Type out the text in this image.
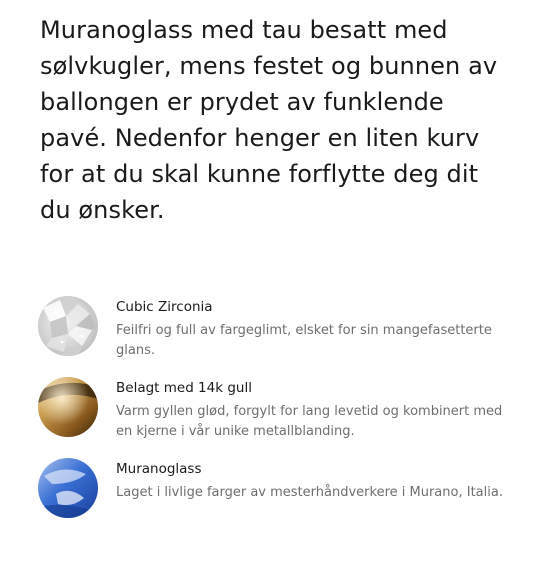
Muranoglass med tau besatt med sølvkugler, mens festet og bunnen av ballongen er prydet av funklende pavé. Nedenfor henger en liten kurv for at du skal kunne forflytte deg dit du ønsker.

Cubic Zirconia

Feilfri og full av fargeglimt, elsket for sin mangefasetterte glans.

Belagt med 14k gull

Varm gyllen glød, forgylt for lang levetid og kombinert med en kjerne i vår unike metallblanding.

Muranoglass

Laget i livlige farger av mesterhåndverkere i Murano, Italia.
